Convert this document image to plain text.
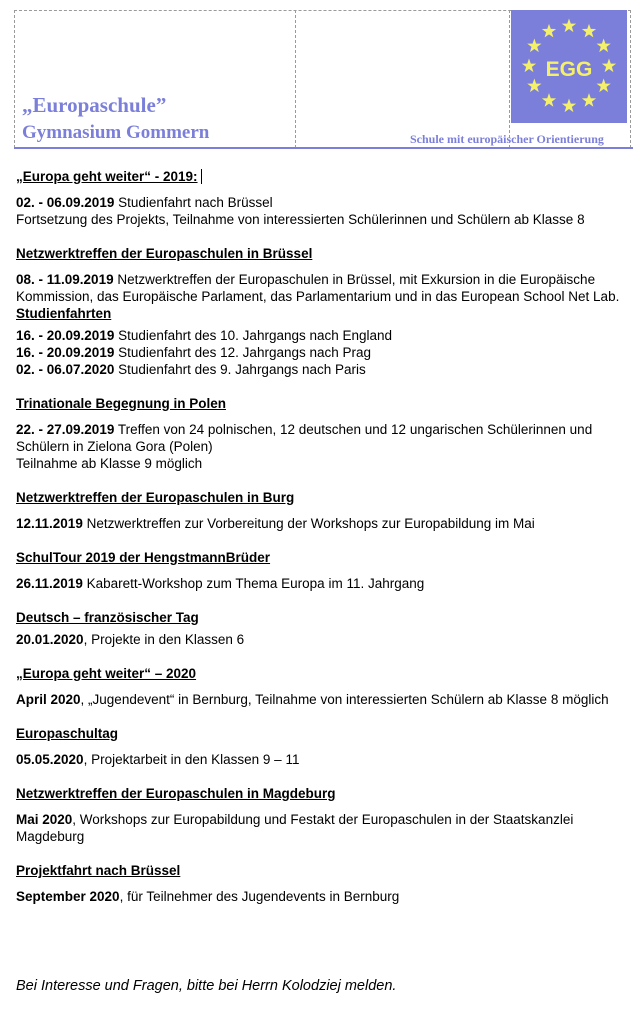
„Europaschule”

Gymnasium Gommern	Schule mit europäischer Orientierung

EGG

„Europa geht weiter“ - 2019:

02. - 06.09.2019 Studienfahrt nach Brüssel

Fortsetzung des Projekts, Teilnahme von interessierten Schülerinnen und Schülern ab Klasse 8

Netzwerktreffen der Europaschulen in Brüssel

08. - 11.09.2019 Netzwerktreffen der Europaschulen in Brüssel, mit Exkursion in die Europäische Kommission, das Europäische Parlament, das Parlamentarium und in das European School Net Lab.

Studienfahrten

16. - 20.09.2019 Studienfahrt des 10. Jahrgangs nach England

16. - 20.09.2019 Studienfahrt des 12. Jahrgangs nach Prag

02. - 06.07.2020 Studienfahrt des 9. Jahrgangs nach Paris

Trinationale Begegnung in Polen

22. - 27.09.2019 Treffen von 24 polnischen, 12 deutschen und 12 ungarischen Schülerinnen und Schülern in Zielona Gora (Polen)

Teilnahme ab Klasse 9 möglich

Netzwerktreffen der Europaschulen in Burg

12.11.2019 Netzwerktreffen zur Vorbereitung der Workshops zur Europabildung im Mai

SchulTour 2019 der HengstmannBrüder

26.11.2019 Kabarett-Workshop zum Thema Europa im 11. Jahrgang

Deutsch – französischer Tag

20.01.2020, Projekte in den Klassen 6

„Europa geht weiter“ – 2020

April 2020, „Jugendevent“ in Bernburg, Teilnahme von interessierten Schülern ab Klasse 8 möglich

Europaschultag

05.05.2020, Projektarbeit in den Klassen 9 – 11

Netzwerktreffen der Europaschulen in Magdeburg

Mai 2020, Workshops zur Europabildung und Festakt der Europaschulen in der Staatskanzlei Magdeburg

Projektfahrt nach Brüssel

September 2020, für Teilnehmer des Jugendevents in Bernburg

Bei Interesse und Fragen, bitte bei Herrn Kolodziej melden.
